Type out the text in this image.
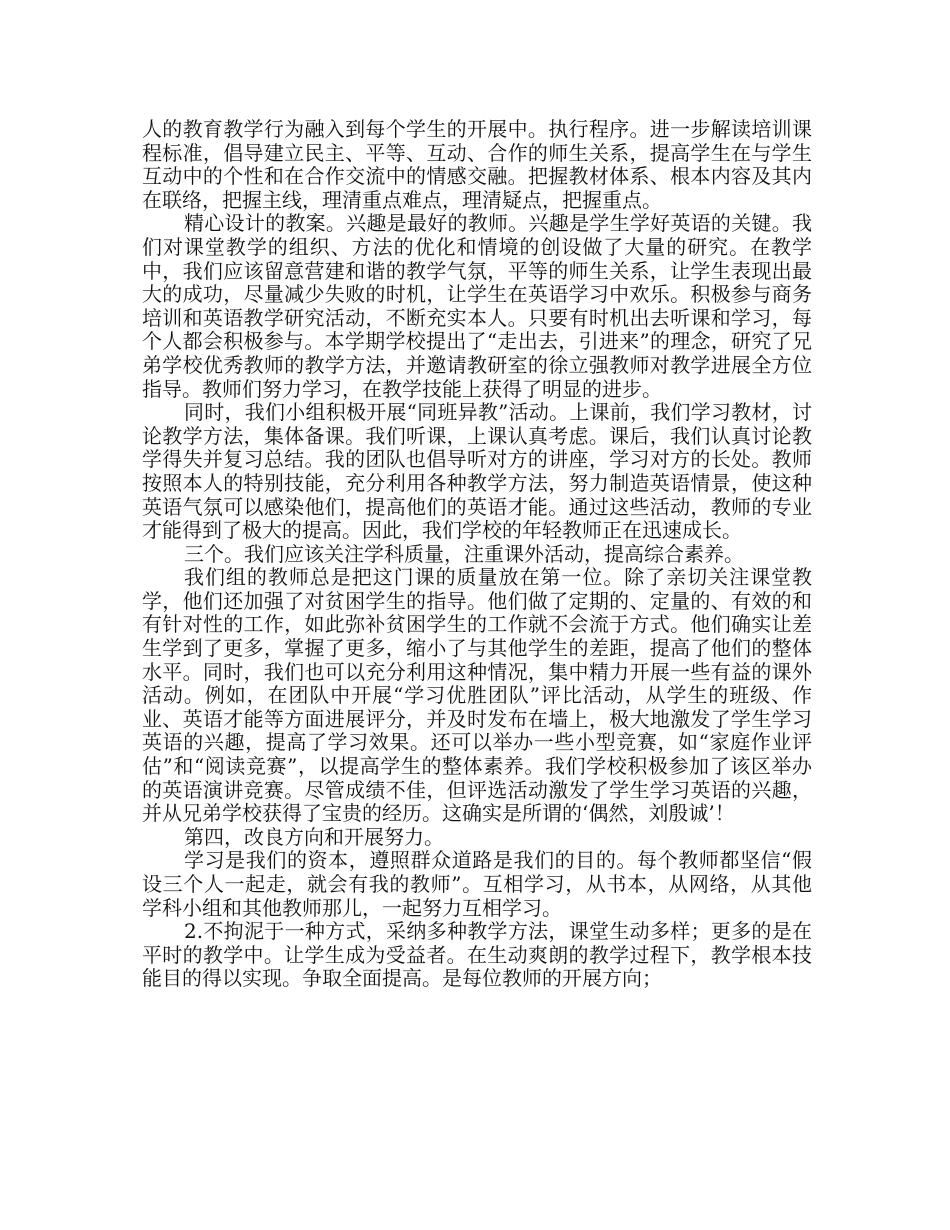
人的教育教学行为融入到每个学生的开展中。执行程序。进一步解读培训课程标准，倡导建立民主、平等、互动、合作的师生关系，提高学生在与学生互动中的个性和在合作交流中的情感交融。把握教材体系、根本内容及其内在联络，把握主线，理清重点难点，理清疑点，把握重点。

精心设计的教案。兴趣是最好的教师。兴趣是学生学好英语的关键。我们对课堂教学的组织、方法的优化和情境的创设做了大量的研究。在教学中，我们应该留意营建和谐的教学气氛，平等的师生关系，让学生表现出最大的成功，尽量减少失败的时机，让学生在英语学习中欢乐。积极参与商务培训和英语教学研究活动，不断充实本人。只要有时机出去听课和学习，每个人都会积极参与。本学期学校提出了“走出去，引进来”的理念，研究了兄弟学校优秀教师的教学方法，并邀请教研室的徐立强教师对教学进展全方位指导。教师们努力学习，在教学技能上获得了明显的进步。

同时，我们小组积极开展“同班异教”活动。上课前，我们学习教材，讨论教学方法，集体备课。我们听课，上课认真考虑。课后，我们认真讨论教学得失并复习总结。我的团队也倡导听对方的讲座，学习对方的长处。教师按照本人的特别技能，充分利用各种教学方法，努力制造英语情景，使这种英语气氛可以感染他们，提高他们的英语才能。通过这些活动，教师的专业才能得到了极大的提高。因此，我们学校的年轻教师正在迅速成长。

三个。我们应该关注学科质量，注重课外活动，提高综合素养。

我们组的教师总是把这门课的质量放在第一位。除了亲切关注课堂教学，他们还加强了对贫困学生的指导。他们做了定期的、定量的、有效的和有针对性的工作，如此弥补贫困学生的工作就不会流于方式。他们确实让差生学到了更多，掌握了更多，缩小了与其他学生的差距，提高了他们的整体水平。同时，我们也可以充分利用这种情况，集中精力开展一些有益的课外活动。例如，在团队中开展“学习优胜团队”评比活动，从学生的班级、作业、英语才能等方面进展评分，并及时发布在墙上，极大地激发了学生学习英语的兴趣，提高了学习效果。还可以举办一些小型竞赛，如“家庭作业评估”和“阅读竞赛”，以提高学生的整体素养。我们学校积极参加了该区举办的英语演讲竞赛。尽管成绩不佳，但评选活动激发了学生学习英语的兴趣，并从兄弟学校获得了宝贵的经历。这确实是所谓的‘偶然，刘殷诚’！

第四，改良方向和开展努力。

学习是我们的资本，遵照群众道路是我们的目的。每个教师都坚信“假设三个人一起走，就会有我的教师”。互相学习，从书本，从网络，从其他学科小组和其他教师那儿，一起努力互相学习。

2.不拘泥于一种方式，采纳多种教学方法，课堂生动多样；更多的是在平时的教学中。让学生成为受益者。在生动爽朗的教学过程下，教学根本技能目的得以实现。争取全面提高。是每位教师的开展方向；
